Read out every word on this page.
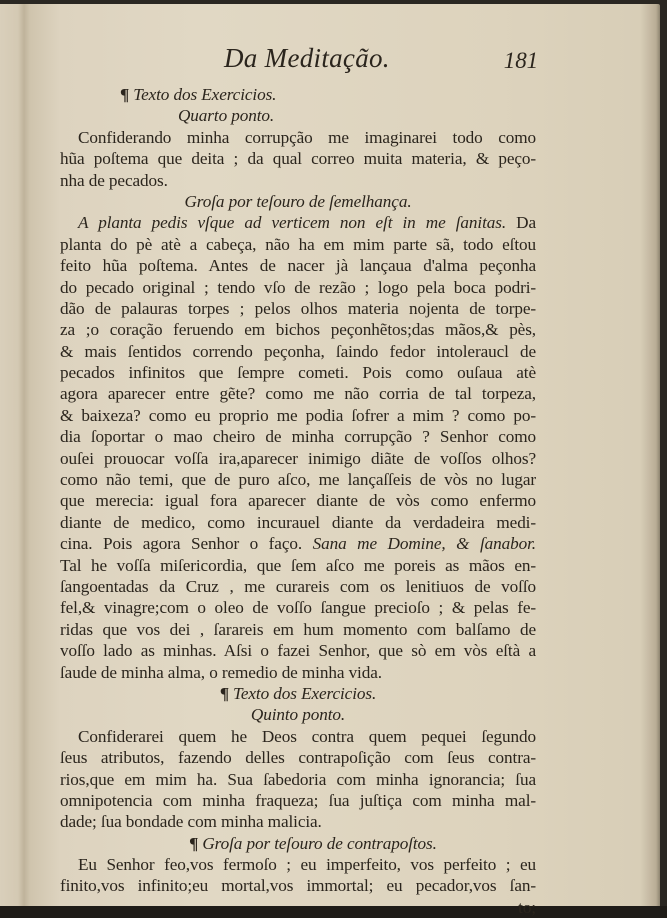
Da Meditação.	181
¶ Texto dos Exercicios.
Quarto ponto.
Confiderando minha corrupção me imaginarei todo como
hũa poſtema que deita ; da qual correo muita materia, & peço-
nha de pecados.
Groſa por teſouro de ſemelhança.
A planta pedis vſque ad verticem non eſt in me ſanitas. Da
planta do pè atè a cabeça, não ha em mim parte sã, todo eſtou
feito hũa poſtema. Antes de nacer jà lançaua d'alma peçonha
do pecado original ; tendo vſo de rezão ; logo pela boca podri-
dão de palauras torpes ; pelos olhos materia nojenta de torpe-
za ;o coração feruendo em bichos peçonhẽtos;das mãos,& pès,
& mais ſentidos correndo peçonha, ſaindo fedor intoleraucl de
pecados infinitos que ſempre cometi. Pois como ouſaua atè
agora aparecer entre gẽte? como me não corria de tal torpeza,
& baixeza? como eu proprio me podia ſofrer a mim ? como po-
dia ſoportar o mao cheiro de minha corrupção ? Senhor como
ouſei prouocar voſſa ira,aparecer inimigo diãte de voſſos olhos?
como não temi, que de puro aſco, me lançaſſeis de vòs no lugar
que merecia: igual fora aparecer diante de vòs como enfermo
diante de medico, como incurauel diante da verdadeira medi-
cina. Pois agora Senhor o faço. Sana me Domine, & ſanabor.
Tal he voſſa miſericordia, que ſem aſco me poreis as mãos en-
ſangoentadas da Cruz , me curareis com os lenitiuos de voſſo
fel,& vinagre;com o oleo de voſſo ſangue precioſo ; & pelas fe-
ridas que vos dei , ſarareis em hum momento com balſamo de
voſſo lado as minhas. Aſsi o fazei Senhor, que sò em vòs eſtà a
ſaude de minha alma, o remedio de minha vida.
¶ Texto dos Exercicios.
Quinto ponto.
Confiderarei quem he Deos contra quem pequei ſegundo
ſeus atributos, fazendo delles contrapoſição com ſeus contra-
rios,que em mim ha. Sua ſabedoria com minha ignorancia; ſua
omnipotencia com minha fraqueza; ſua juſtiça com minha mal-
dade; ſua bondade com minha malicia.
¶ Groſa por teſouro de contrapoſtos.
Eu Senhor feo,vos fermoſo ; eu imperfeito, vos perfeito ; eu
finito,vos infinito;eu mortal,vos immortal; eu pecador,vos ſan-
to;
